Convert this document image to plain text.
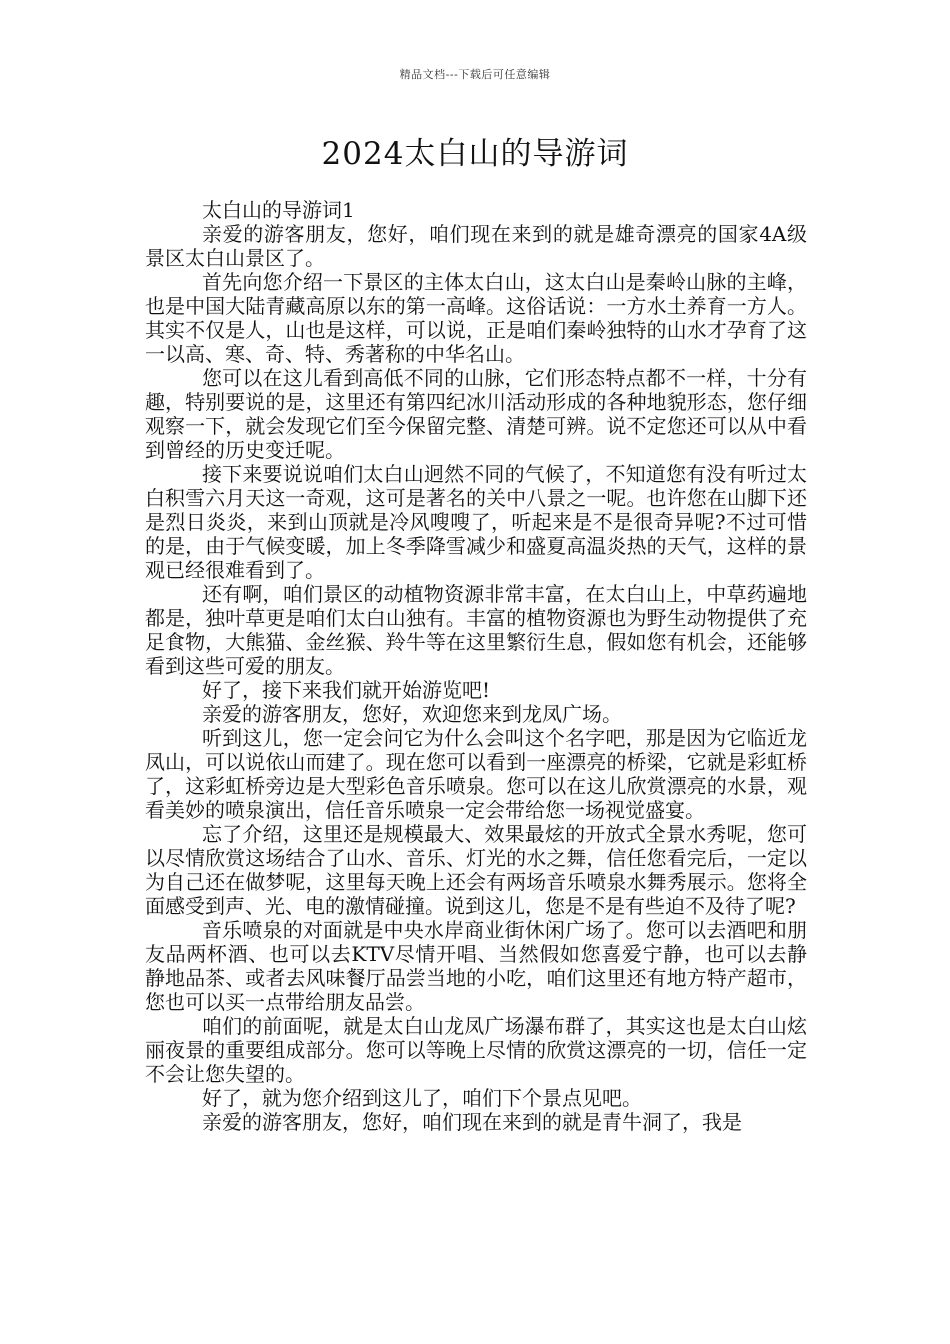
精品文档---下载后可任意编辑
2024太白山的导游词

太白山的导游词1

亲爱的游客朋友，您好，咱们现在来到的就是雄奇漂亮的国家4A级景区太白山景区了。

首先向您介绍一下景区的主体太白山，这太白山是秦岭山脉的主峰，也是中国大陆青藏高原以东的第一高峰。这俗话说：一方水土养育一方人。其实不仅是人，山也是这样，可以说，正是咱们秦岭独特的山水才孕育了这一以高、寒、奇、特、秀著称的中华名山。

您可以在这儿看到高低不同的山脉，它们形态特点都不一样，十分有趣，特别要说的是，这里还有第四纪冰川活动形成的各种地貌形态，您仔细观察一下，就会发现它们至今保留完整、清楚可辨。说不定您还可以从中看到曾经的历史变迁呢。

接下来要说说咱们太白山迥然不同的气候了，不知道您有没有听过太白积雪六月天这一奇观，这可是著名的关中八景之一呢。也许您在山脚下还是烈日炎炎，来到山顶就是冷风嗖嗖了，听起来是不是很奇异呢?不过可惜的是，由于气候变暖，加上冬季降雪减少和盛夏高温炎热的天气，这样的景观已经很难看到了。

还有啊，咱们景区的动植物资源非常丰富，在太白山上，中草药遍地都是，独叶草更是咱们太白山独有。丰富的植物资源也为野生动物提供了充足食物，大熊猫、金丝猴、羚牛等在这里繁衍生息，假如您有机会，还能够看到这些可爱的朋友。

好了，接下来我们就开始游览吧!

亲爱的游客朋友，您好，欢迎您来到龙凤广场。

听到这儿，您一定会问它为什么会叫这个名字吧，那是因为它临近龙凤山，可以说依山而建了。现在您可以看到一座漂亮的桥梁，它就是彩虹桥了，这彩虹桥旁边是大型彩色音乐喷泉。您可以在这儿欣赏漂亮的水景，观看美妙的喷泉演出，信任音乐喷泉一定会带给您一场视觉盛宴。

忘了介绍，这里还是规模最大、效果最炫的开放式全景水秀呢，您可以尽情欣赏这场结合了山水、音乐、灯光的水之舞，信任您看完后，一定以为自己还在做梦呢，这里每天晚上还会有两场音乐喷泉水舞秀展示。您将全面感受到声、光、电的激情碰撞。说到这儿，您是不是有些迫不及待了呢?

音乐喷泉的对面就是中央水岸商业街休闲广场了。您可以去酒吧和朋友品两杯酒、也可以去KTV尽情开唱、当然假如您喜爱宁静，也可以去静静地品茶、或者去风味餐厅品尝当地的小吃，咱们这里还有地方特产超市，您也可以买一点带给朋友品尝。

咱们的前面呢，就是太白山龙凤广场瀑布群了，其实这也是太白山炫丽夜景的重要组成部分。您可以等晚上尽情的欣赏这漂亮的一切，信任一定不会让您失望的。

好了，就为您介绍到这儿了，咱们下个景点见吧。

亲爱的游客朋友，您好，咱们现在来到的就是青牛洞了，我是
